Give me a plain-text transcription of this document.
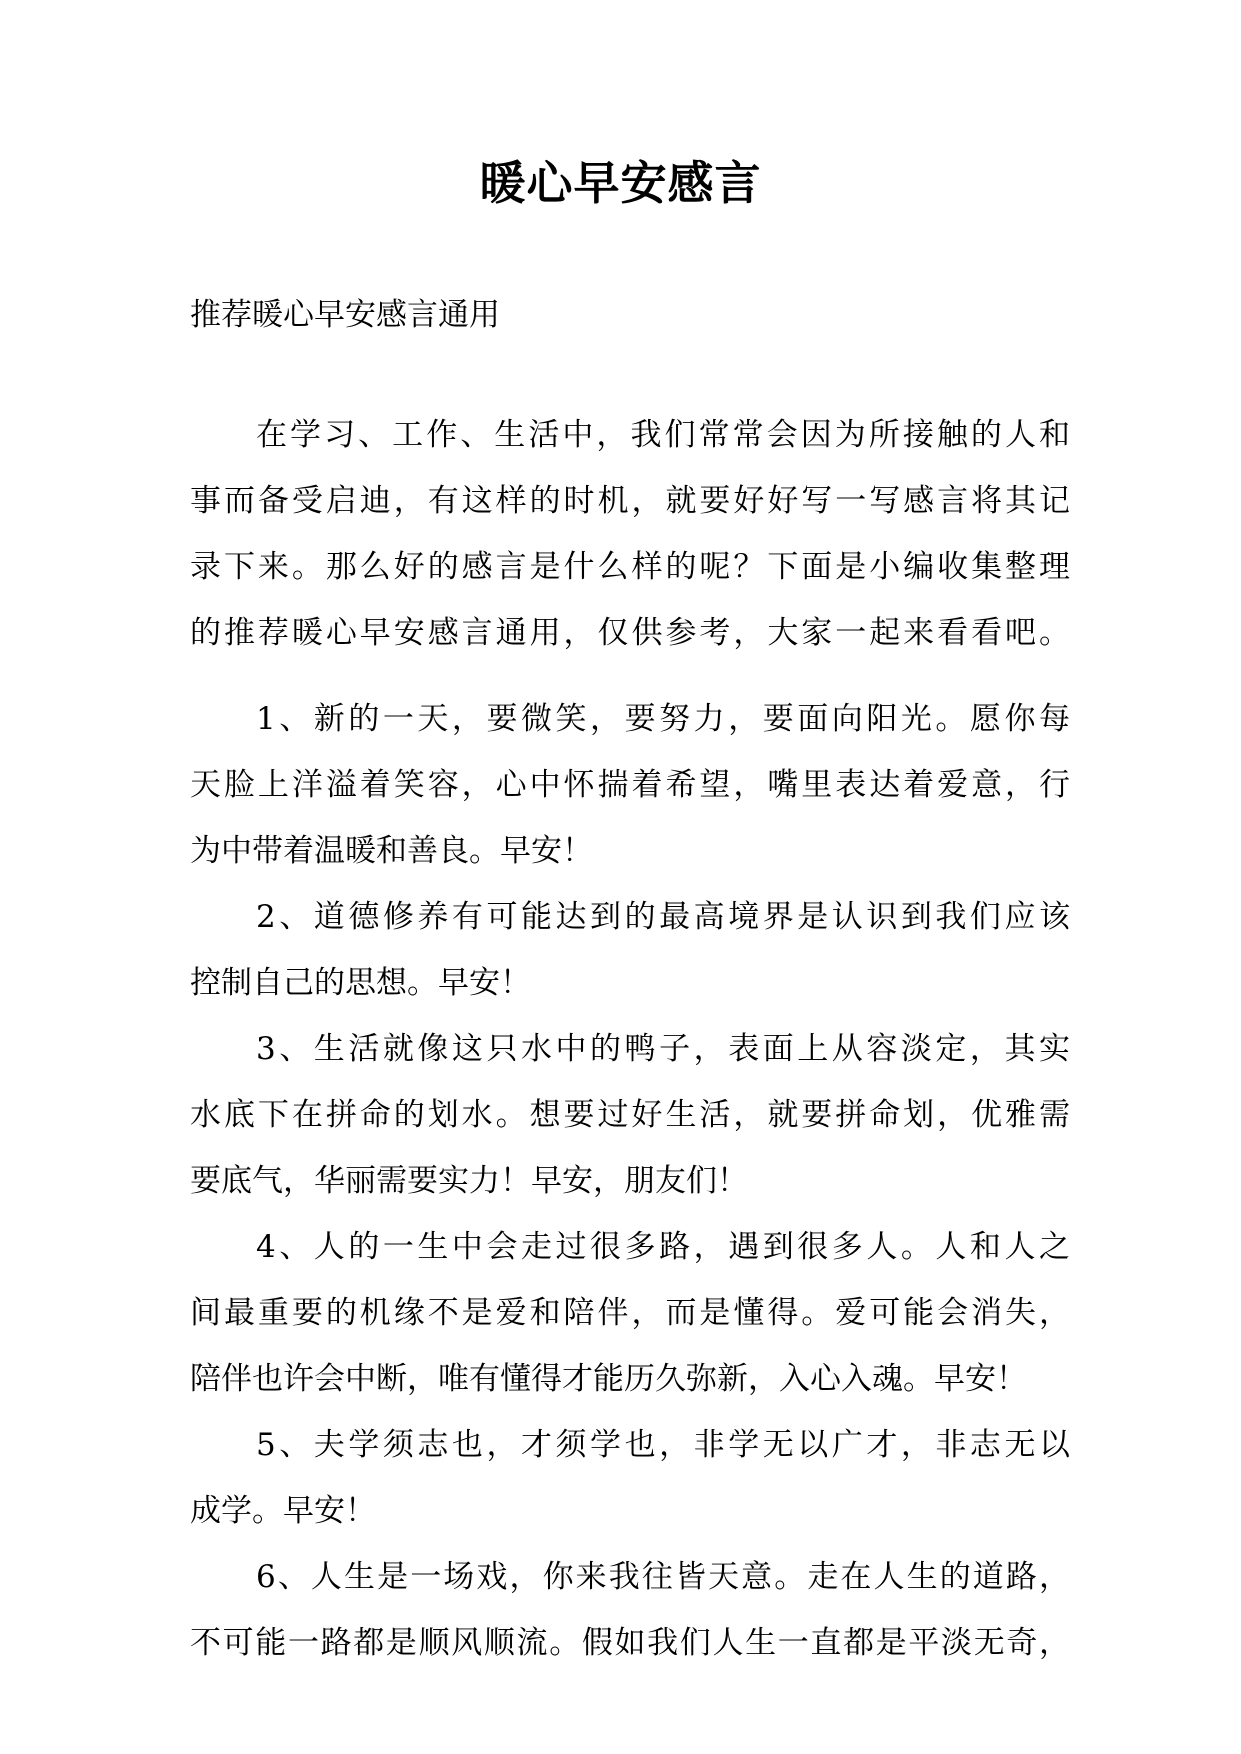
暖心早安感言
推荐暖心早安感言通用
在学习、工作、生活中，我们常常会因为所接触的人和
事而备受启迪，有这样的时机，就要好好写一写感言将其记
录下来。那么好的感言是什么样的呢？下面是小编收集整理
的推荐暖心早安感言通用，仅供参考，大家一起来看看吧。
1、新的一天，要微笑，要努力，要面向阳光。愿你每
天脸上洋溢着笑容，心中怀揣着希望，嘴里表达着爱意，行
为中带着温暖和善良。早安！
2、道德修养有可能达到的最高境界是认识到我们应该
控制自己的思想。早安！
3、生活就像这只水中的鸭子，表面上从容淡定，其实
水底下在拼命的划水。想要过好生活，就要拼命划，优雅需
要底气，华丽需要实力！早安，朋友们！
4、人的一生中会走过很多路，遇到很多人。人和人之
间最重要的机缘不是爱和陪伴，而是懂得。爱可能会消失，
陪伴也许会中断，唯有懂得才能历久弥新，入心入魂。早安！
5、夫学须志也，才须学也，非学无以广才，非志无以
成学。早安！
6、人生是一场戏，你来我往皆天意。走在人生的道路，
不可能一路都是顺风顺流。假如我们人生一直都是平淡无奇，
